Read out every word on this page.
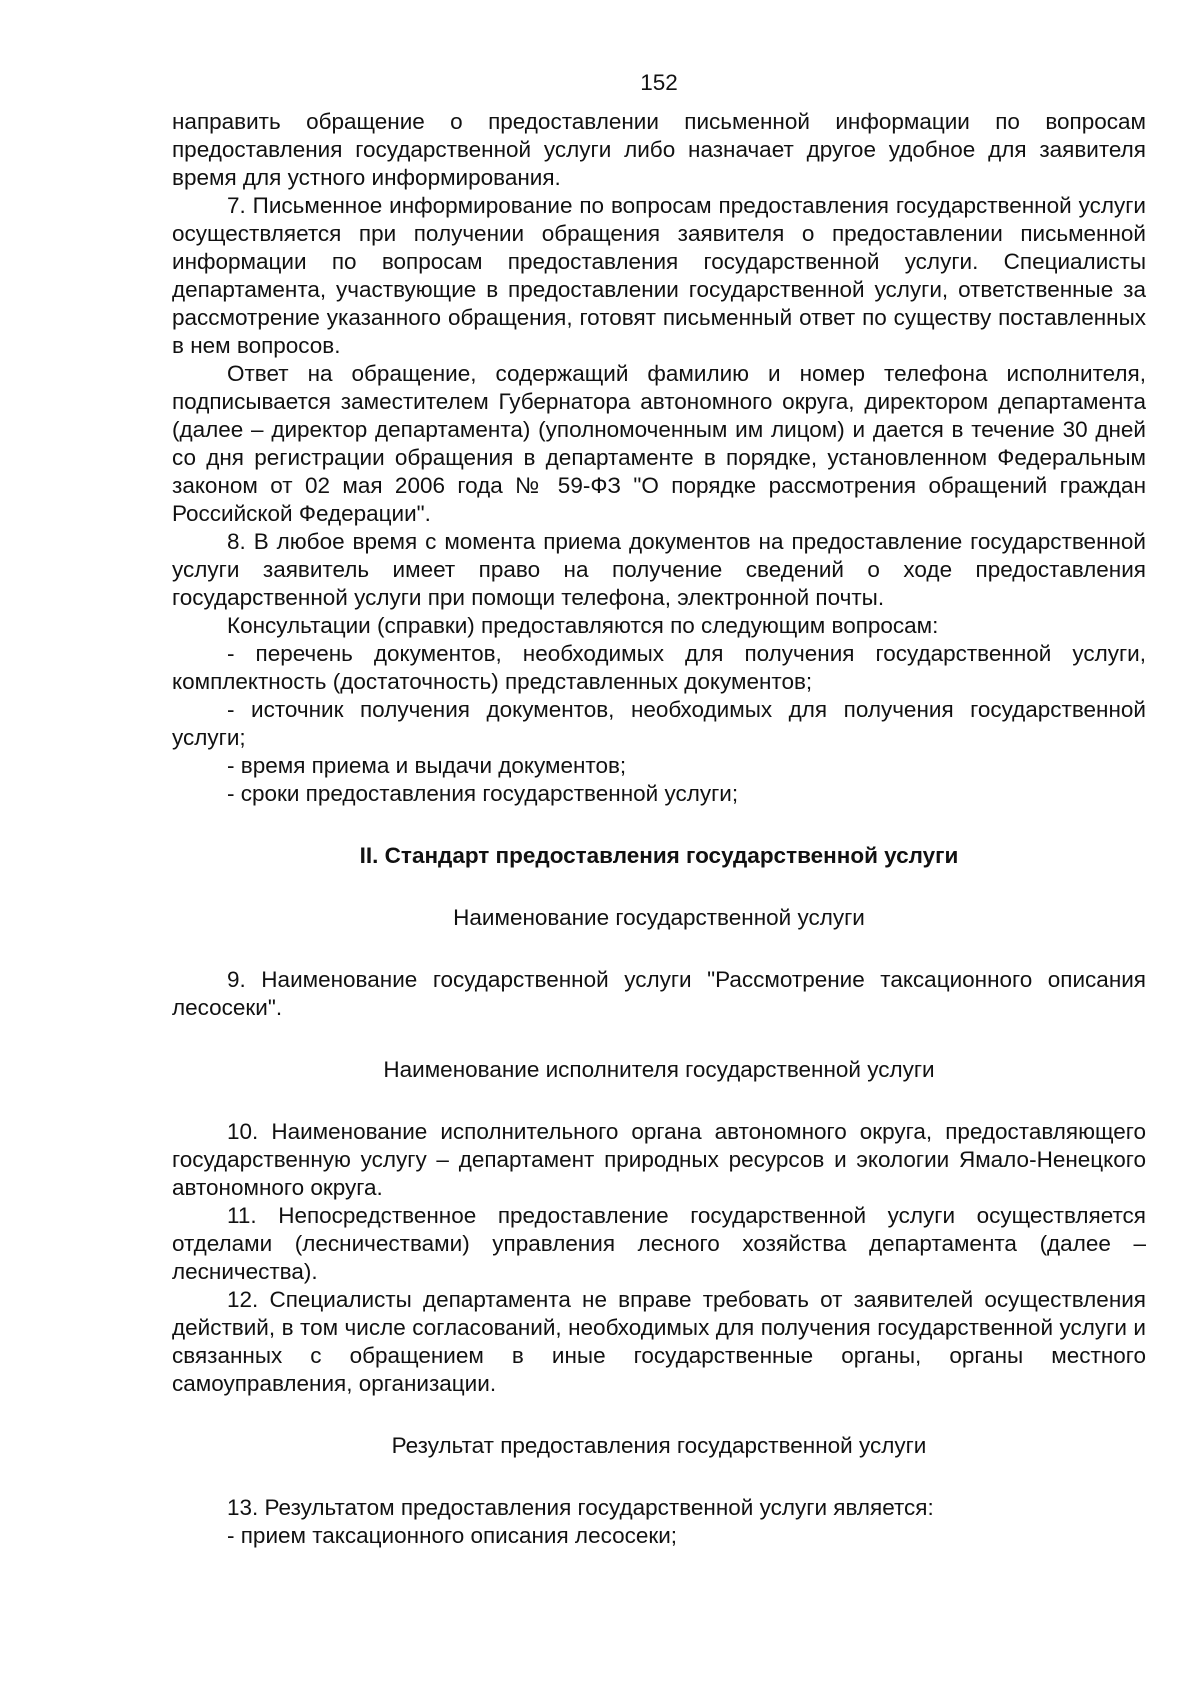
152

направить обращение о предоставлении письменной информации по вопросам предоставления государственной услуги либо назначает другое удобное для заявителя время для устного информирования.

7. Письменное информирование по вопросам предоставления государственной услуги осуществляется при получении обращения заявителя о предоставлении письменной информации по вопросам предоставления государственной услуги. Специалисты департамента, участвующие в предоставлении государственной услуги, ответственные за рассмотрение указанного обращения, готовят письменный ответ по существу поставленных в нем вопросов.

Ответ на обращение, содержащий фамилию и номер телефона исполнителя, подписывается заместителем Губернатора автономного округа, директором департамента (далее – директор департамента) (уполномоченным им лицом) и дается в течение 30 дней со дня регистрации обращения в департаменте в порядке, установленном Федеральным законом от 02 мая 2006 года № 59-ФЗ "О порядке рассмотрения обращений граждан Российской Федерации".

8. В любое время с момента приема документов на предоставление государственной услуги заявитель имеет право на получение сведений о ходе предоставления государственной услуги при помощи телефона, электронной почты.

Консультации (справки) предоставляются по следующим вопросам:

- перечень документов, необходимых для получения государственной услуги, комплектность (достаточность) представленных документов;

- источник получения документов, необходимых для получения государственной услуги;

- время приема и выдачи документов;

- сроки предоставления государственной услуги;

II. Стандарт предоставления государственной услуги
Наименование государственной услуги

9. Наименование государственной услуги "Рассмотрение таксационного описания лесосеки".

Наименование исполнителя государственной услуги

10. Наименование исполнительного органа автономного округа, предоставляющего государственную услугу – департамент природных ресурсов и экологии Ямало-Ненецкого автономного округа.

11. Непосредственное предоставление государственной услуги осуществляется отделами (лесничествами) управления лесного хозяйства департамента (далее – лесничества).

12. Специалисты департамента не вправе требовать от заявителей осуществления действий, в том числе согласований, необходимых для получения государственной услуги и связанных с обращением в иные государственные органы, органы местного самоуправления, организации.

Результат предоставления государственной услуги

13. Результатом предоставления государственной услуги является:

- прием таксационного описания лесосеки;
